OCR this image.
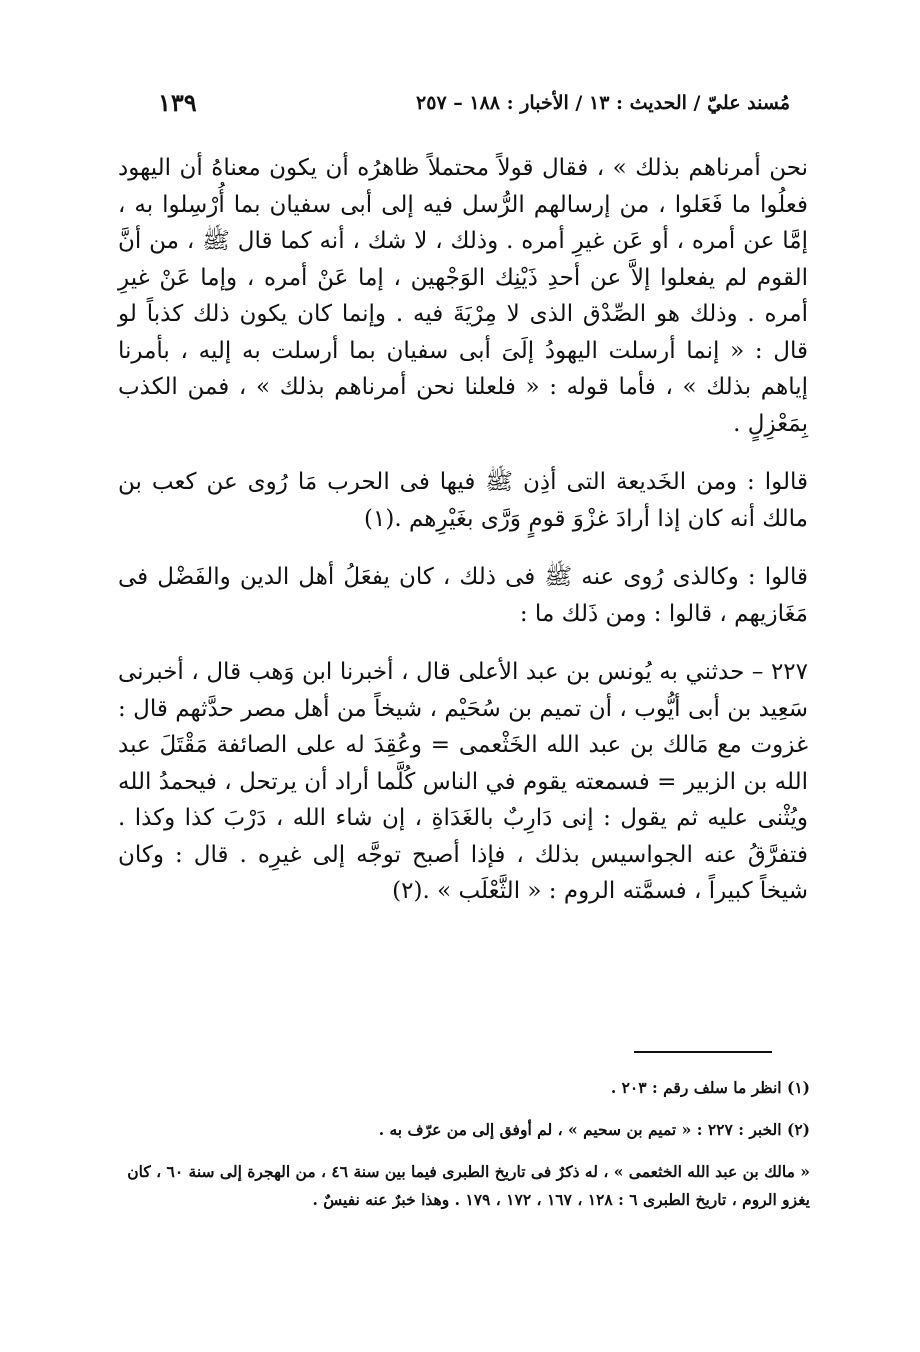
١٣٩	مُسند عليّ / الحديث : ١٣ / الأخبار : ١٨٨ – ٢٥٧

نحن أمرناهم بذلك » ، فقال قولاً محتملاً ظاهرُه أن يكون معناهُ أن اليهود فعلُوا ما فَعَلوا ، من إرسالهم الرُّسل فيه إلى أبى سفيان بما أُرْسِلوا به ، إمَّا عن أمره ، أو عَن غيرِ أمره . وذلك ، لا شك ، أنه كما قال ﷺ ، من أنَّ القوم لم يفعلوا إلاَّ عن أحدِ ذَيْنِك الوَجْهين ، إما عَنْ أمره ، وإما عَنْ غيرِ أمره . وذلك هو الصِّدْق الذى لا مِرْيَةَ فيه . وإنما كان يكون ذلك كذباً لو قال : « إنما أرسلت اليهودُ إلَىَ أبى سفيان بما أرسلت به إليه ، بأمرنا إياهم بذلك » ، فأما قوله : « فلعلنا نحن أمرناهم بذلك » ، فمن الكذب بِمَعْزِلٍ .

قالوا : ومن الخَديعة التى أذِن ﷺ فيها فى الحرب مَا رُوى عن كعب بن مالك أنه كان إذا أرادَ غزْوَ قومٍ وَرَّى بغَيْرِهم .(١)

قالوا : وكالذى رُوى عنه ﷺ فى ذلك ، كان يفعَلُ أهل الدين والفَضْل فى مَغَازيهم ، قالوا : ومن ذَلك ما :

٢٢٧ – حدثني به يُونس بن عبد الأعلى قال ، أخبرنا ابن وَهب قال ، أخبرنى سَعِيد بن أبى أيُّوب ، أن تميم بن سُحَيْم ، شيخاً من أهل مصر حدَّثهم قال : غزوت مع مَالك بن عبد الله الخَثْعمى = وعُقِدَ له على الصائفة مَقْتَلَ عبد الله بن الزبير = فسمعته يقوم في الناس كُلَّما أراد أن يرتحل ، فيحمدُ الله ويُثْنى عليه ثم يقول : إنى دَارِبٌ بالغَدَاةِ ، إن شاء الله ، دَرْبَ كذا وكذا . فتفرَّقُ عنه الجواسيس بذلك ، فإذا أصبح توجَّه إلى غيرِه . قال : وكان شيخاً كبيراً ، فسمَّته الروم : « الثَّعْلَب » .(٢)

(١) انظر ما سلف رقم : ٢٠٣ .

(٢) الخبر : ٢٢٧ : « تميم بن سحيم » ، لم أوفق إلى من عرّف به .

« مالك بن عبد الله الخثعمى » ، له ذكرٌ فى تاريخ الطبرى فيما بين سنة ٤٦ ، من الهجرة إلى سنة ٦٠ ، كان يغزو الروم ، تاريخ الطبرى ٦ : ١٢٨ ، ١٦٧ ، ١٧٢ ، ١٧٩ . وهذا خبرٌ عنه نفيسٌ .
